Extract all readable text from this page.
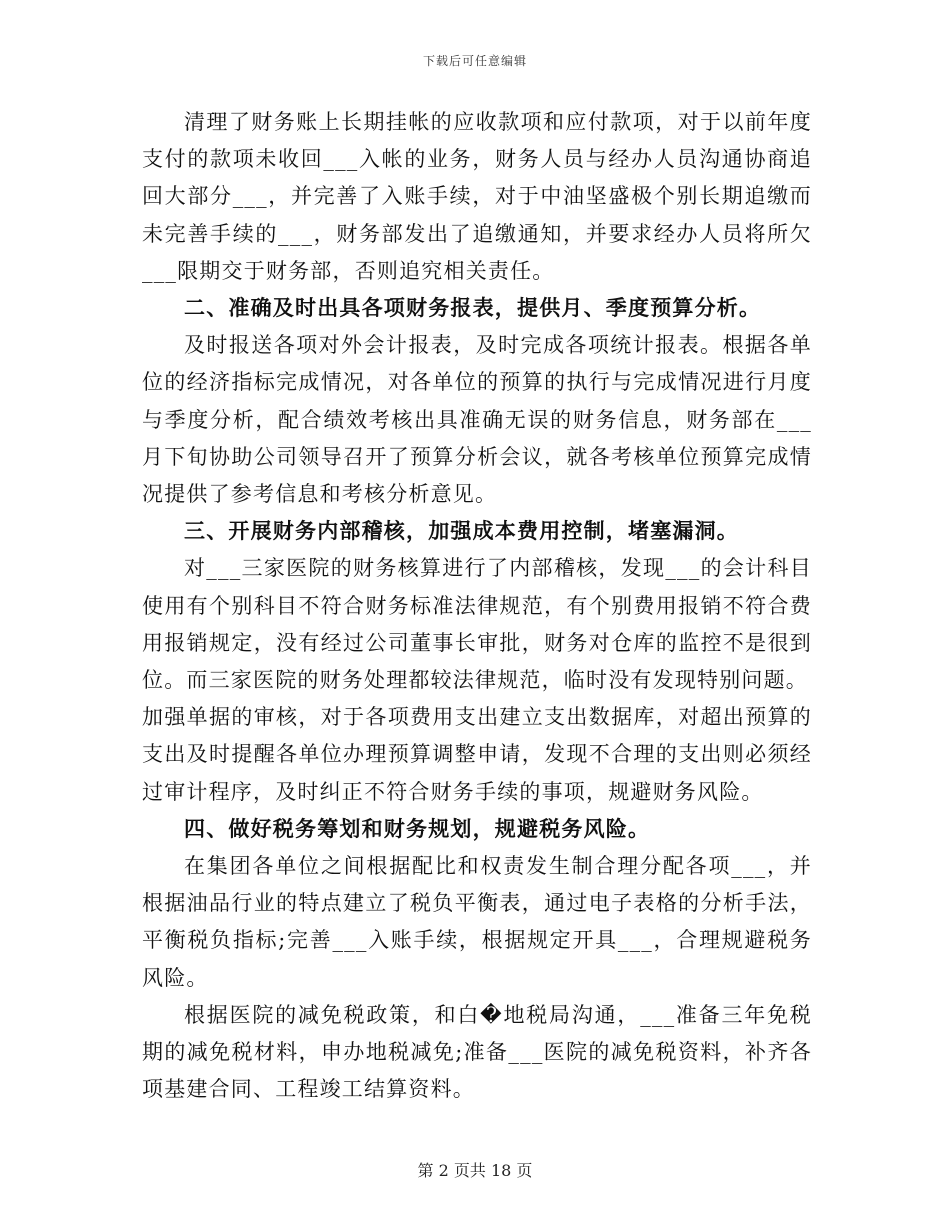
下载后可任意编辑

清理了财务账上长期挂帐的应收款项和应付款项，对于以前年度支付的款项未收回___入帐的业务，财务人员与经办人员沟通协商追回大部分___，并完善了入账手续，对于中油坚盛极个别长期追缴而未完善手续的___，财务部发出了追缴通知，并要求经办人员将所欠___限期交于财务部，否则追究相关责任。

二、准确及时出具各项财务报表，提供月、季度预算分析。

及时报送各项对外会计报表，及时完成各项统计报表。根据各单位的经济指标完成情况，对各单位的预算的执行与完成情况进行月度与季度分析，配合绩效考核出具准确无误的财务信息，财务部在___月下旬协助公司领导召开了预算分析会议，就各考核单位预算完成情况提供了参考信息和考核分析意见。

三、开展财务内部稽核，加强成本费用控制，堵塞漏洞。

对___三家医院的财务核算进行了内部稽核，发现___的会计科目使用有个别科目不符合财务标准法律规范，有个别费用报销不符合费用报销规定，没有经过公司董事长审批，财务对仓库的监控不是很到位。而三家医院的财务处理都较法律规范，临时没有发现特别问题。

加强单据的审核，对于各项费用支出建立支出数据库，对超出预算的支出及时提醒各单位办理预算调整申请，发现不合理的支出则必须经过审计程序，及时纠正不符合财务手续的事项，规避财务风险。

四、做好税务筹划和财务规划，规避税务风险。

在集团各单位之间根据配比和权责发生制合理分配各项___，并根据油品行业的特点建立了税负平衡表，通过电子表格的分析手法，平衡税负指标;完善___入账手续，根据规定开具___，合理规避税务风险。

根据医院的减免税政策，和白�地税局沟通，___准备三年免税期的减免税材料，申办地税减免;准备___医院的减免税资料，补齐各项基建合同、工程竣工结算资料。

第 2 页共 18 页
